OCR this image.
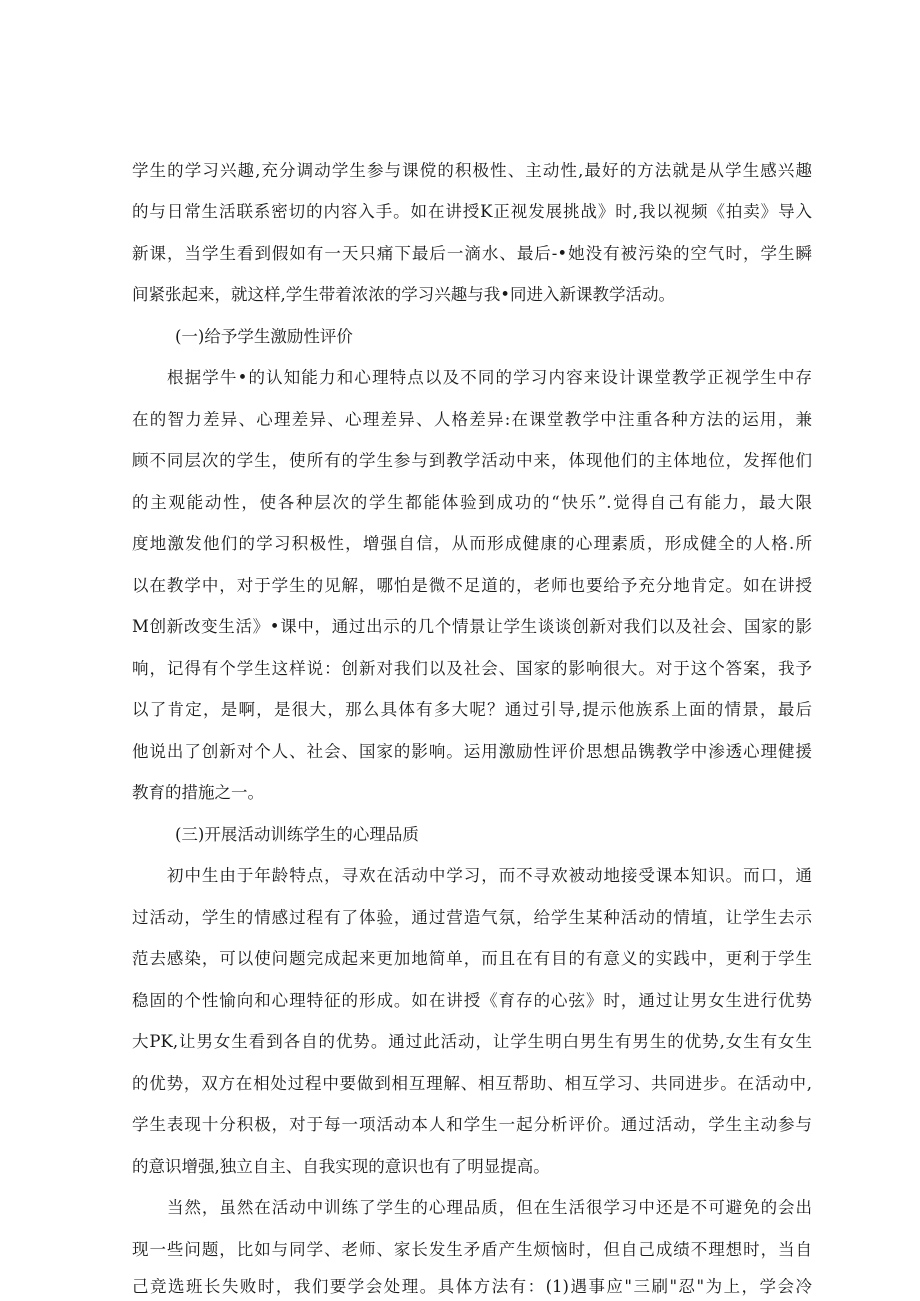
学生的学习兴趣,充分调动学生参与课傥的积极性、主动性,最好的方法就是从学生感兴趣
的与日常生活联系密切的内容入手。如在讲授K正视发展挑战》时,我以视频《拍卖》导入
新课，当学生看到假如有一天只痛下最后一滴水、最后-•她没有被污染的空气时，学生瞬
间紧张起来，就这样,学生带着浓浓的学习兴趣与我•同进入新课教学活动。
(一)给予学生激励性评价
根据学牛•的认知能力和心理特点以及不同的学习内容来设计课堂教学正视学生中存
在的智力差异、心理差异、心理差异、人格差异:在课堂教学中注重各种方法的运用，兼
顾不同层次的学生，使所有的学生参与到教学活动中来，体现他们的主体地位，发挥他们
的主观能动性，使各种层次的学生都能体验到成功的“快乐”.觉得自己有能力，最大限
度地激发他们的学习积极性，增强自信，从而形成健康的心理素质，形成健全的人格.所
以在教学中，对于学生的见解，哪怕是微不足道的，老师也要给予充分地肯定。如在讲授
M创新改变生活》•课中，通过出示的几个情景让学生谈谈创新对我们以及社会、国家的影
响，记得有个学生这样说：创新对我们以及社会、国家的影响很大。对于这个答案，我予
以了肯定，是啊，是很大，那么具体有多大呢？通过引导,提示他族系上面的情景，最后
他说出了创新对个人、社会、国家的影响。运用激励性评价思想品镌教学中渗透心理健援
教育的措施之一。
(三)开展活动训练学生的心理品质
初中生由于年龄特点，寻欢在活动中学习，而不寻欢被动地接受课本知识。而口，通
过活动，学生的情感过程有了体验，通过营造气氛，给学生某种活动的情埴，让学生去示
范去感染，可以使问题完成起来更加地简单，而且在有目的有意义的实践中，更利于学生
稳固的个性愉向和心理特征的形成。如在讲授《育存的心弦》时，通过让男女生进行优势
大PK,让男女生看到各自的优势。通过此活动，让学生明白男生有男生的优势,女生有女生
的优势，双方在相处过程中要做到相互理解、相互帮助、相互学习、共同进步。在活动中,
学生表现十分积极，对于每一项活动本人和学生一起分析评价。通过活动，学生主动参与
的意识增强,独立自主、自我实现的意识也有了明显提高。
当然，虽然在活动中训练了学生的心理品质，但在生活很学习中还是不可避免的会出
现一些问题，比如与同学、老师、家长发生矛盾产生烦恼时，但自己成绩不理想时，当自
己竞选班长失败时，我们要学会处理。具体方法有：(1)遇事应"三刷"忍"为上，学会冷
